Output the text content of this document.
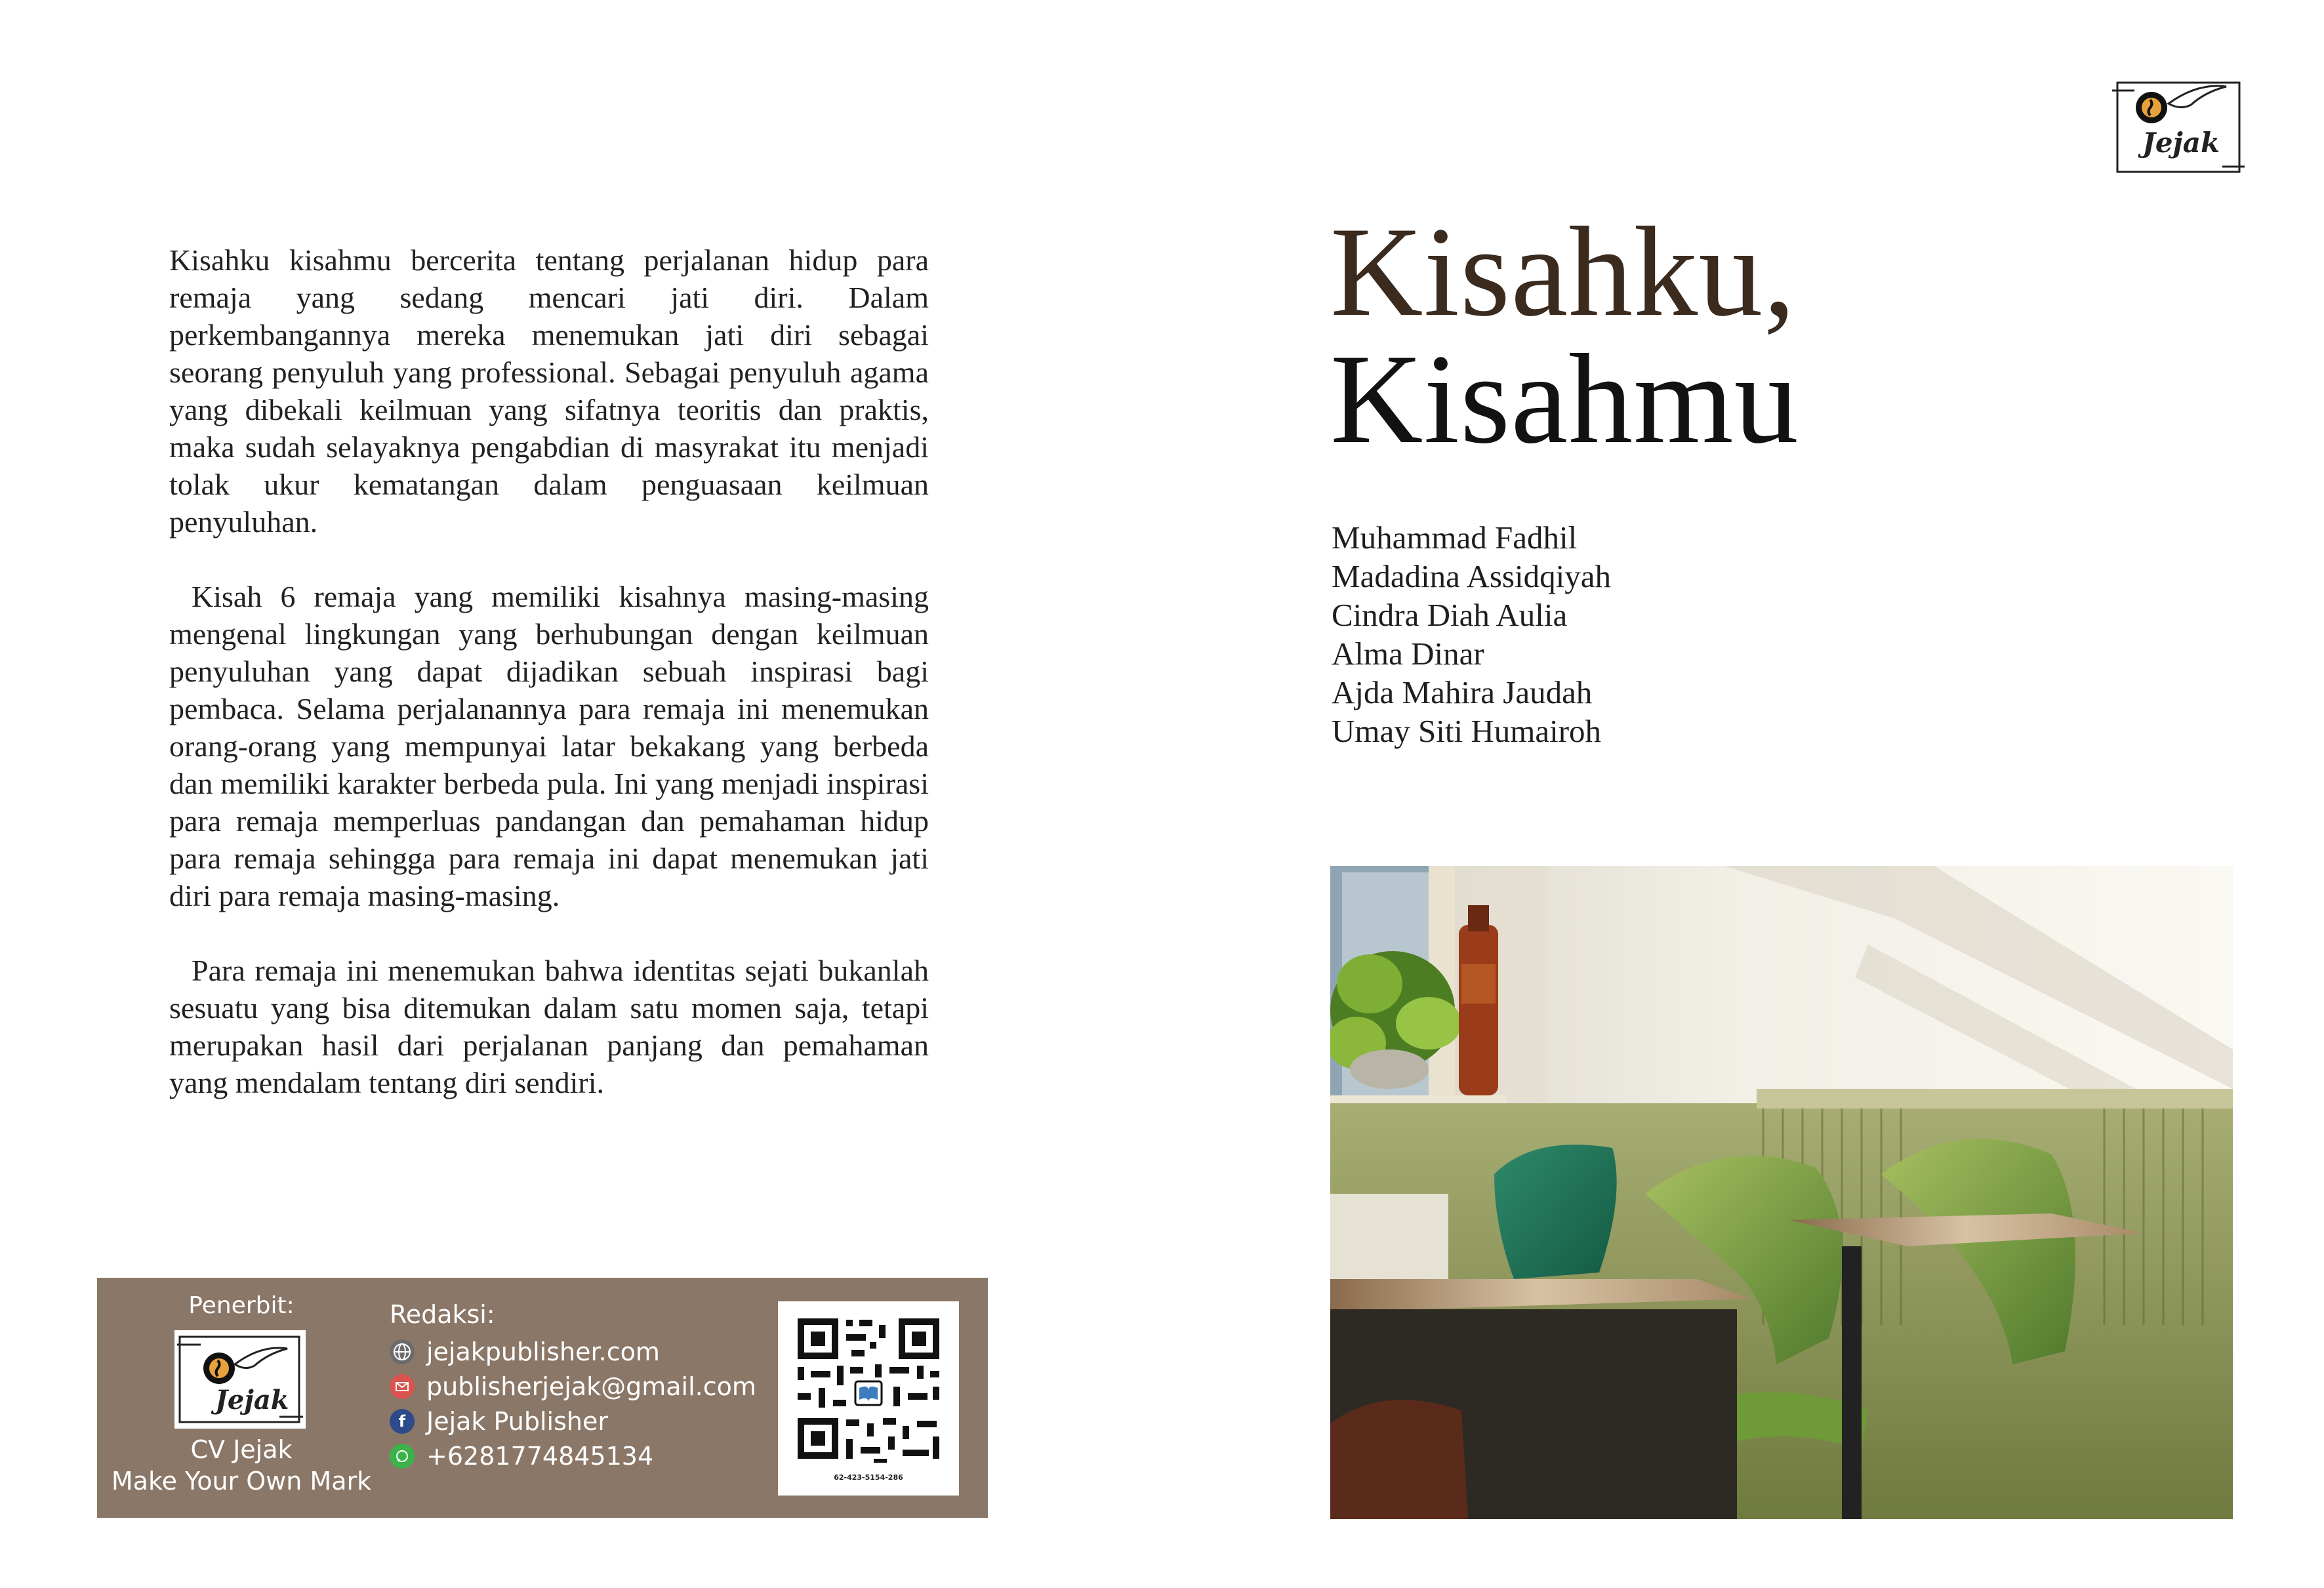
Kisahku kisahmu bercerita tentang perjalanan hidup para remaja yang sedang mencari jati diri. Dalam perkembangannya mereka menemukan jati diri sebagai seorang penyuluh yang professional. Sebagai penyuluh agama yang dibekali keilmuan yang sifatnya teoritis dan praktis, maka sudah selayaknya pengabdian di masyrakat itu menjadi tolak ukur kematangan dalam penguasaan keilmuan penyuluhan.

Kisah 6 remaja yang memiliki kisahnya masing-masing mengenal lingkungan yang berhubungan dengan keilmuan penyuluhan yang dapat dijadikan sebuah inspirasi bagi pembaca. Selama perjalanannya para remaja ini menemukan orang-orang yang mempunyai latar bekakang yang berbeda dan memiliki karakter berbeda pula. Ini yang menjadi inspirasi para remaja memperluas pandangan dan pemahaman hidup para remaja sehingga para remaja ini dapat menemukan jati diri para remaja masing-masing.

Para remaja ini menemukan bahwa identitas sejati bukanlah sesuatu yang bisa ditemukan dalam satu momen saja, tetapi merupakan hasil dari perjalanan panjang dan pemahaman yang mendalam tentang diri sendiri.

Penerbit:
Jejak
CV Jejak
Make Your Own Mark
Redaksi:
jejakpublisher.com
publisherjejak@gmail.com
f Jejak Publisher
+6281774845134
62-423-5154-286
Jejak
Kisahku,
Kisahmu
Muhammad Fadhil
Madadina Assidqiyah
Cindra Diah Aulia
Alma Dinar
Ajda Mahira Jaudah
Umay Siti Humairoh
